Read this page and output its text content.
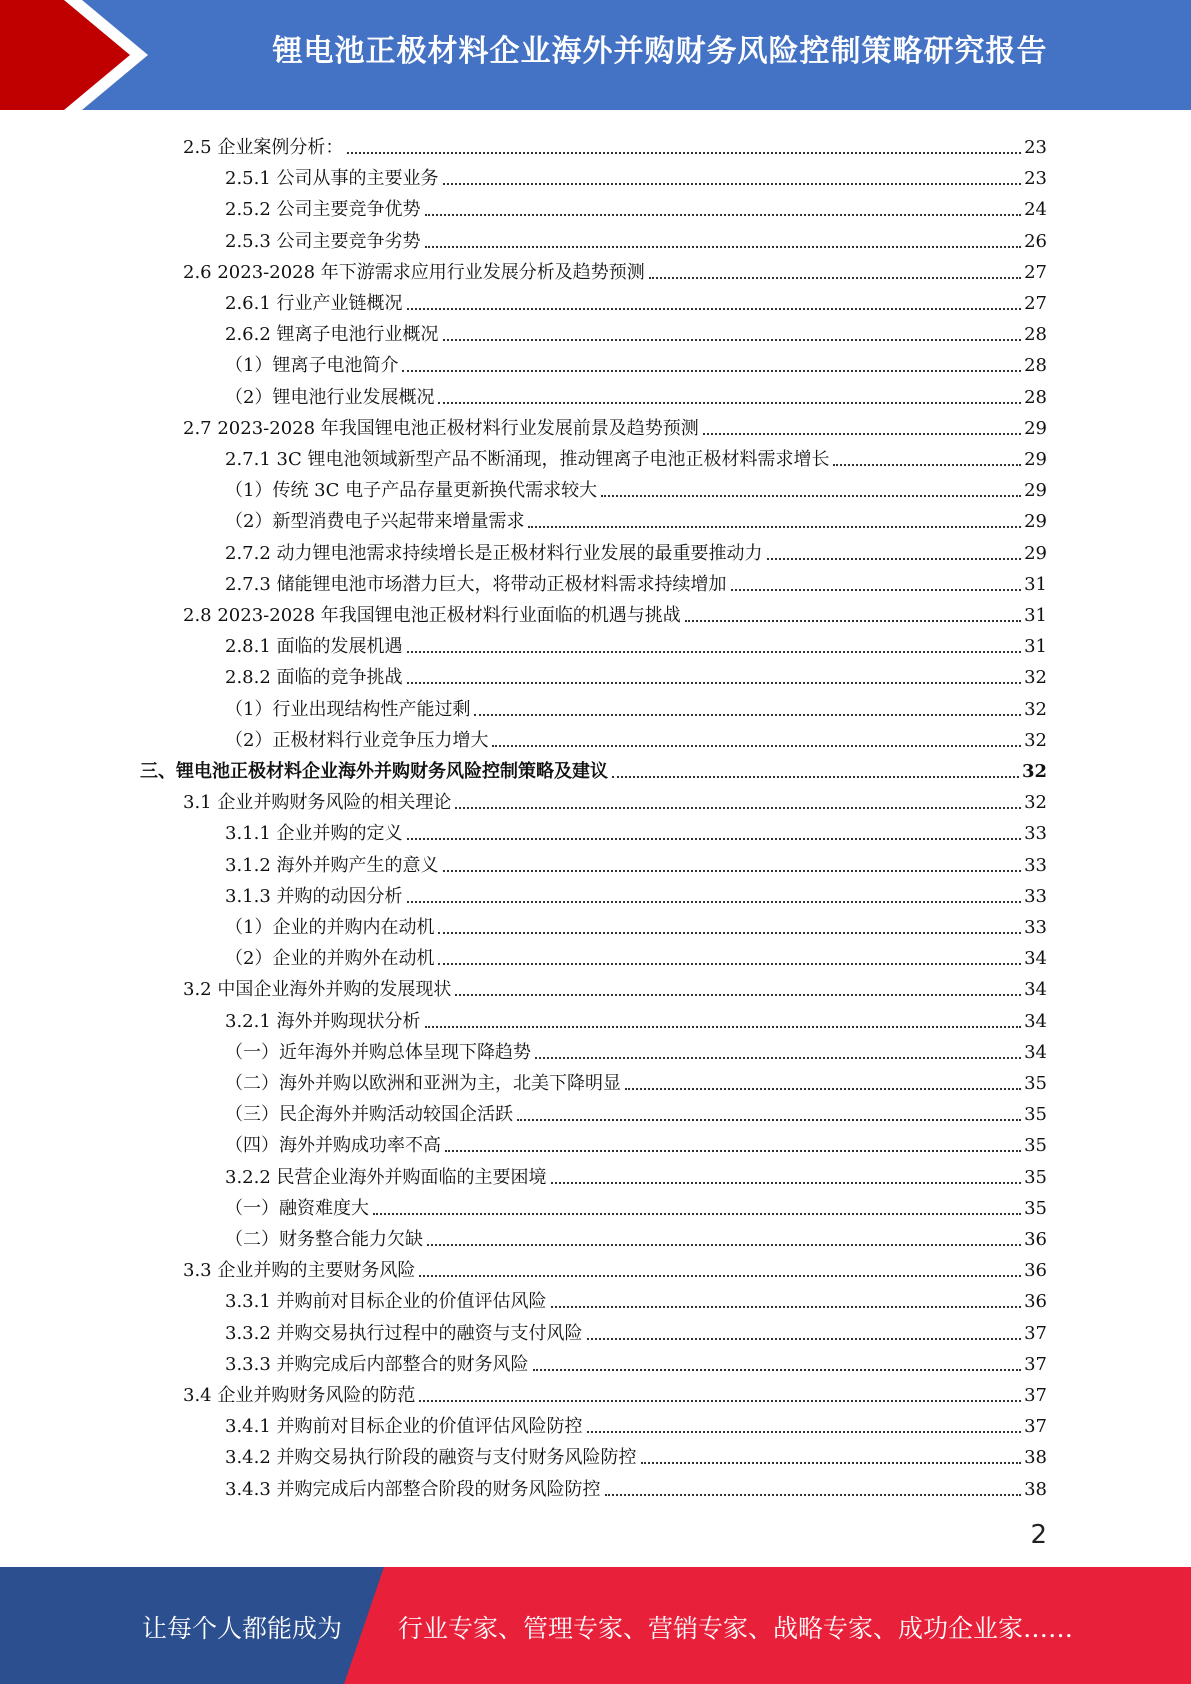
锂电池正极材料企业海外并购财务风险控制策略研究报告
2.5 企业案例分析：	23
2.5.1 公司从事的主要业务	23
2.5.2 公司主要竞争优势	24
2.5.3 公司主要竞争劣势	26
2.6 2023-2028 年下游需求应用行业发展分析及趋势预测	27
2.6.1 行业产业链概况	27
2.6.2 锂离子电池行业概况	28
（1）锂离子电池简介	28
（2）锂电池行业发展概况	28
2.7 2023-2028 年我国锂电池正极材料行业发展前景及趋势预测	29
2.7.1 3C 锂电池领域新型产品不断涌现，推动锂离子电池正极材料需求增长	29
（1）传统 3C 电子产品存量更新换代需求较大	29
（2）新型消费电子兴起带来增量需求	29
2.7.2 动力锂电池需求持续增长是正极材料行业发展的最重要推动力	29
2.7.3 储能锂电池市场潜力巨大，将带动正极材料需求持续增加	31
2.8 2023-2028 年我国锂电池正极材料行业面临的机遇与挑战	31
2.8.1 面临的发展机遇	31
2.8.2 面临的竞争挑战	32
（1）行业出现结构性产能过剩	32
（2）正极材料行业竞争压力增大	32
三、锂电池正极材料企业海外并购财务风险控制策略及建议	32
3.1 企业并购财务风险的相关理论	32
3.1.1 企业并购的定义	33
3.1.2 海外并购产生的意义	33
3.1.3 并购的动因分析	33
（1）企业的并购内在动机	33
（2）企业的并购外在动机	34
3.2 中国企业海外并购的发展现状	34
3.2.1 海外并购现状分析	34
（一）近年海外并购总体呈现下降趋势	34
（二）海外并购以欧洲和亚洲为主，北美下降明显	35
（三）民企海外并购活动较国企活跃	35
（四）海外并购成功率不高	35
3.2.2 民营企业海外并购面临的主要困境	35
（一）融资难度大	35
（二）财务整合能力欠缺	36
3.3 企业并购的主要财务风险	36
3.3.1 并购前对目标企业的价值评估风险	36
3.3.2 并购交易执行过程中的融资与支付风险	37
3.3.3 并购完成后内部整合的财务风险	37
3.4 企业并购财务风险的防范	37
3.4.1 并购前对目标企业的价值评估风险防控	37
3.4.2 并购交易执行阶段的融资与支付财务风险防控	38
3.4.3 并购完成后内部整合阶段的财务风险防控	38
2
让每个人都能成为 行业专家、管理专家、营销专家、战略专家、成功企业家……
